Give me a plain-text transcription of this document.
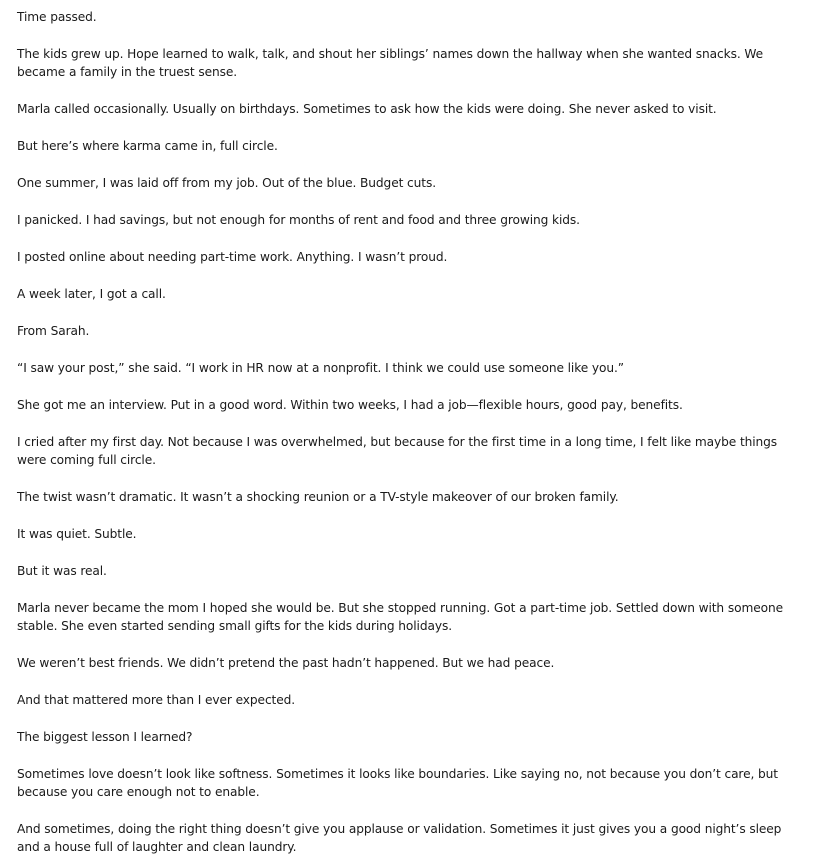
Time passed.

The kids grew up. Hope learned to walk, talk, and shout her siblings’ names down the hallway when she wanted snacks. We became a family in the truest sense.

Marla called occasionally. Usually on birthdays. Sometimes to ask how the kids were doing. She never asked to visit.

But here’s where karma came in, full circle.

One summer, I was laid off from my job. Out of the blue. Budget cuts.

I panicked. I had savings, but not enough for months of rent and food and three growing kids.

I posted online about needing part-time work. Anything. I wasn’t proud.

A week later, I got a call.

From Sarah.

“I saw your post,” she said. “I work in HR now at a nonprofit. I think we could use someone like you.”

She got me an interview. Put in a good word. Within two weeks, I had a job—flexible hours, good pay, benefits.

I cried after my first day. Not because I was overwhelmed, but because for the first time in a long time, I felt like maybe things were coming full circle.

The twist wasn’t dramatic. It wasn’t a shocking reunion or a TV-style makeover of our broken family.

It was quiet. Subtle.

But it was real.

Marla never became the mom I hoped she would be. But she stopped running. Got a part-time job. Settled down with someone stable. She even started sending small gifts for the kids during holidays.

We weren’t best friends. We didn’t pretend the past hadn’t happened. But we had peace.

And that mattered more than I ever expected.

The biggest lesson I learned?

Sometimes love doesn’t look like softness. Sometimes it looks like boundaries. Like saying no, not because you don’t care, but because you care enough not to enable.

And sometimes, doing the right thing doesn’t give you applause or validation. Sometimes it just gives you a good night’s sleep and a house full of laughter and clean laundry.
